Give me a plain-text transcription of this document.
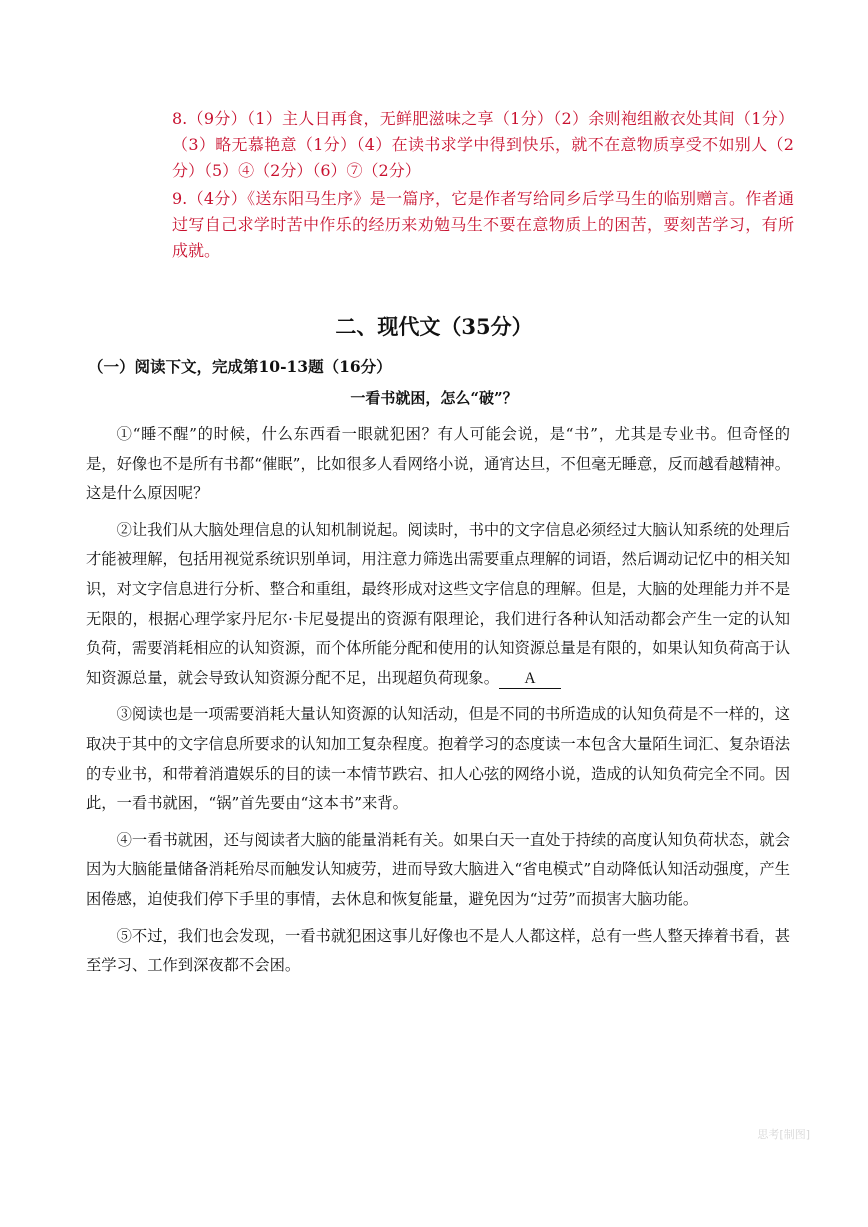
8.（9分）（1）主人日再食，无鲜肥滋味之享（1分）（2）余则袍组敝衣处其间（1分）（3）略无慕艳意（1分）（4）在读书求学中得到快乐，就不在意物质享受不如别人（2分）（5）④（2分）（6）⑦（2分）

9.（4分）《送东阳马生序》是一篇序，它是作者写给同乡后学马生的临别赠言。作者通过写自己求学时苦中作乐的经历来劝勉马生不要在意物质上的困苦，要刻苦学习，有所成就。

二、现代文（35分）
（一）阅读下文，完成第10-13题（16分）
一看书就困，怎么“破”？

①“睡不醒”的时候，什么东西看一眼就犯困？有人可能会说，是“书”，尤其是专业书。但奇怪的是，好像也不是所有书都“催眠”，比如很多人看网络小说，通宵达旦，不但毫无睡意，反而越看越精神。这是什么原因呢？

②让我们从大脑处理信息的认知机制说起。阅读时，书中的文字信息必须经过大脑认知系统的处理后才能被理解，包括用视觉系统识别单词，用注意力筛选出需要重点理解的词语，然后调动记忆中的相关知识，对文字信息进行分析、整合和重组，最终形成对这些文字信息的理解。但是，大脑的处理能力并不是无限的，根据心理学家丹尼尔·卡尼曼提出的资源有限理论，我们进行各种认知活动都会产生一定的认知负荷，需要消耗相应的认知资源，而个体所能分配和使用的认知资源总量是有限的，如果认知负荷高于认知资源总量，就会导致认知资源分配不足，出现超负荷现象。 A

③阅读也是一项需要消耗大量认知资源的认知活动，但是不同的书所造成的认知负荷是不一样的，这取决于其中的文字信息所要求的认知加工复杂程度。抱着学习的态度读一本包含大量陌生词汇、复杂语法的专业书，和带着消遣娱乐的目的读一本情节跌宕、扣人心弦的网络小说，造成的认知负荷完全不同。因此，一看书就困，“锅”首先要由“这本书”来背。

④一看书就困，还与阅读者大脑的能量消耗有关。如果白天一直处于持续的高度认知负荷状态，就会因为大脑能量储备消耗殆尽而触发认知疲劳，进而导致大脑进入“省电模式”自动降低认知活动强度，产生困倦感，迫使我们停下手里的事情，去休息和恢复能量，避免因为“过劳”而损害大脑功能。

⑤不过，我们也会发现，一看书就犯困这事儿好像也不是人人都这样，总有一些人整天捧着书看，甚至学习、工作到深夜都不会困。

思考[制图]
